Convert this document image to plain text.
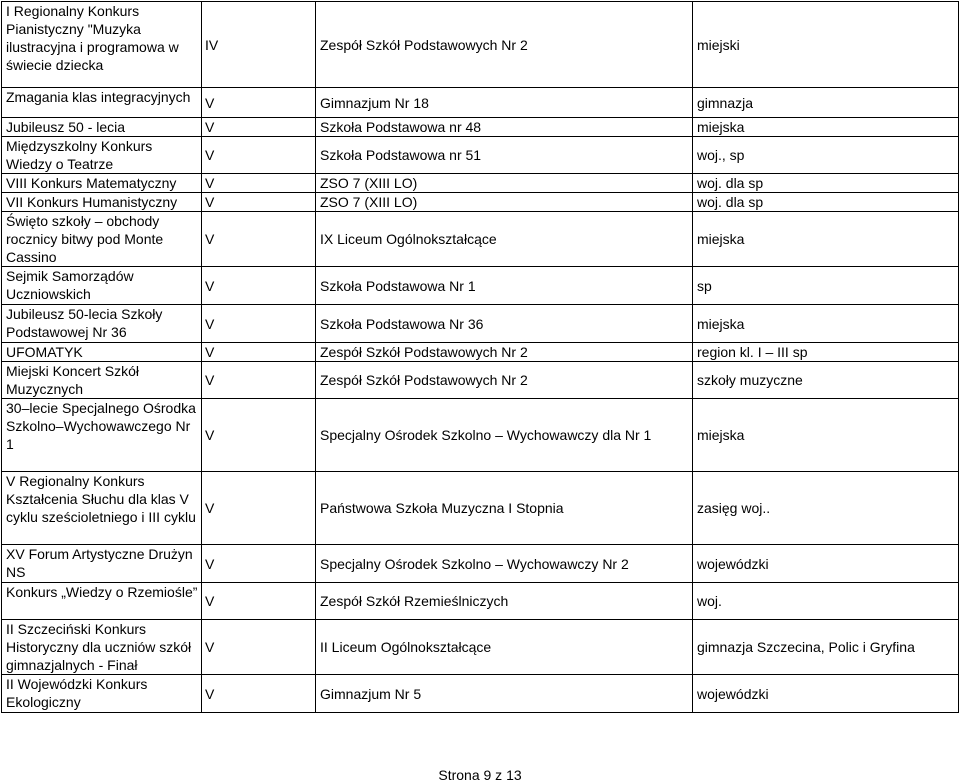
I Regionalny Konkurs Pianistyczny "Muzyka ilustracyjna i programowa w świecie dziecka	IV	Zespół Szkół Podstawowych Nr 2	miejski
Zmagania klas integracyjnych	V	Gimnazjum Nr 18	gimnazja
Jubileusz 50 - lecia	V	Szkoła Podstawowa nr 48	miejska
Międzyszkolny Konkurs Wiedzy o Teatrze	V	Szkoła Podstawowa nr 51	woj., sp
VIII Konkurs Matematyczny	V	ZSO 7 (XIII LO)	woj. dla sp
VII Konkurs Humanistyczny	V	ZSO 7 (XIII LO)	woj. dla sp
Święto szkoły – obchody rocznicy bitwy pod Monte Cassino	V	IX Liceum Ogólnokształcące	miejska
Sejmik Samorządów Uczniowskich	V	Szkoła Podstawowa Nr 1	sp
Jubileusz 50-lecia Szkoły Podstawowej Nr 36	V	Szkoła Podstawowa Nr 36	miejska
UFOMATYK	V	Zespół Szkół Podstawowych Nr 2	region kl. I – III sp
Miejski Koncert Szkół Muzycznych	V	Zespół Szkół Podstawowych Nr 2	szkoły muzyczne
30–lecie Specjalnego Ośrodka Szkolno–Wychowawczego Nr 1	V	Specjalny Ośrodek Szkolno – Wychowawczy dla Nr 1	miejska
V Regionalny Konkurs Kształcenia Słuchu dla klas V cyklu sześcioletniego i III cyklu	V	Państwowa Szkoła Muzyczna I Stopnia	zasięg woj..
XV Forum Artystyczne Drużyn NS	V	Specjalny Ośrodek Szkolno – Wychowawczy Nr 2	wojewódzki
Konkurs „Wiedzy o Rzemiośle”	V	Zespół Szkół Rzemieślniczych	woj.
II Szczeciński Konkurs Historyczny dla uczniów szkół gimnazjalnych - Finał	V	II Liceum Ogólnokształcące	gimnazja Szczecina, Polic i Gryfina
II Wojewódzki Konkurs Ekologiczny	V	Gimnazjum Nr 5	wojewódzki
Strona 9 z 13
